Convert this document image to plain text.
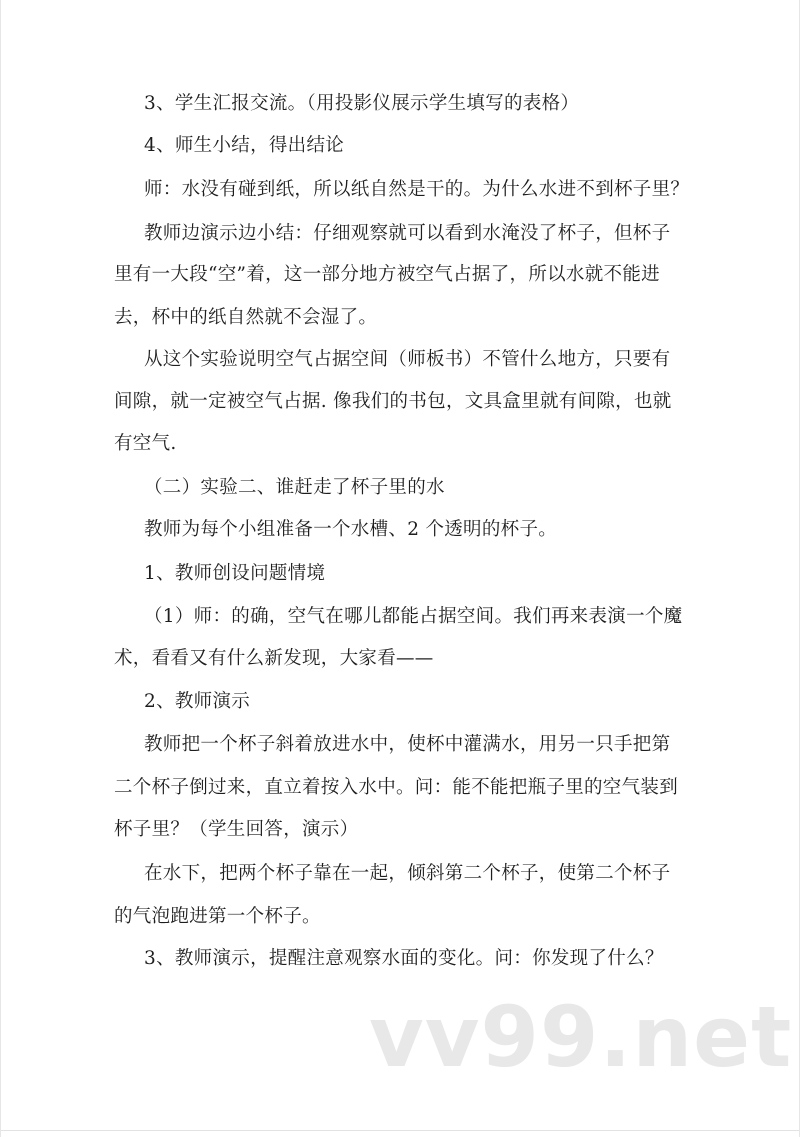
3、学生汇报交流。（用投影仪展示学生填写的表格）
4、师生小结，得出结论
师：水没有碰到纸，所以纸自然是干的。为什么水进不到杯子里？
教师边演示边小结：仔细观察就可以看到水淹没了杯子，但杯子
里有一大段“空”着，这一部分地方被空气占据了，所以水就不能进
去，杯中的纸自然就不会湿了。
从这个实验说明空气占据空间（师板书）不管什么地方，只要有
间隙，就一定被空气占据. 像我们的书包，文具盒里就有间隙，也就
有空气.
（二）实验二、谁赶走了杯子里的水
教师为每个小组准备一个水槽、2 个透明的杯子。
1、教师创设问题情境
（1）师：的确，空气在哪儿都能占据空间。我们再来表演一个魔
术，看看又有什么新发现，大家看——
2、教师演示
教师把一个杯子斜着放进水中，使杯中灌满水，用另一只手把第
二个杯子倒过来，直立着按入水中。问：能不能把瓶子里的空气装到
杯子里？（学生回答，演示）
在水下，把两个杯子靠在一起，倾斜第二个杯子，使第二个杯子
的气泡跑进第一个杯子。
3、教师演示，提醒注意观察水面的变化。问：你发现了什么？
vv99.net
